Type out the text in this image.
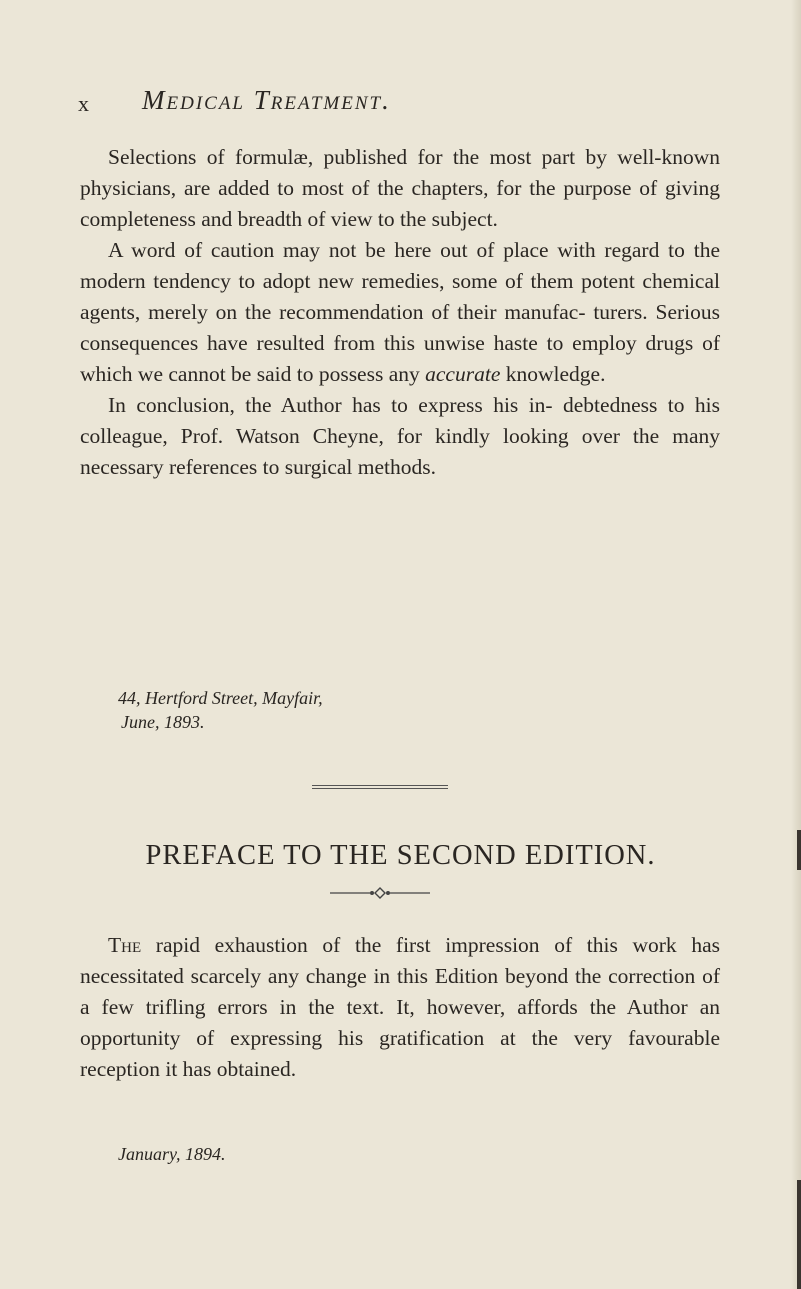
x Medical Treatment.

Selections of formulæ, published for the most part by well-known physicians, are added to most of the chapters, for the purpose of giving completeness and breadth of view to the subject.

A word of caution may not be here out of place with regard to the modern tendency to adopt new remedies, some of them potent chemical agents, merely on the recommendation of their manufac- turers. Serious consequences have resulted from this unwise haste to employ drugs of which we cannot be said to possess any accurate knowledge.

In conclusion, the Author has to express his in- debtedness to his colleague, Prof. Watson Cheyne, for kindly looking over the many necessary references to surgical methods.

44, Hertford Street, Mayfair,
June, 1893.
PREFACE TO THE SECOND EDITION.

The rapid exhaustion of the first impression of this work has necessitated scarcely any change in this Edition beyond the correction of a few trifling errors in the text. It, however, affords the Author an opportunity of expressing his gratification at the very favourable reception it has obtained.

January, 1894.
